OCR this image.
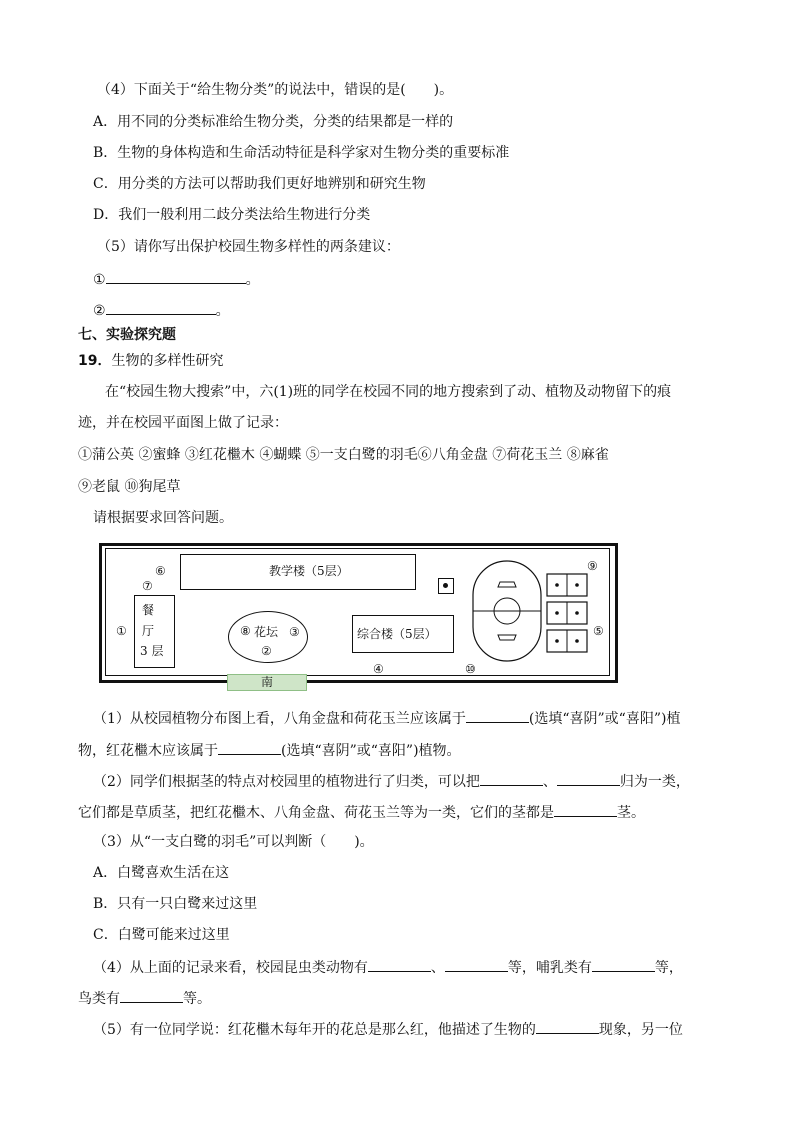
（4）下面关于“给生物分类”的说法中，错误的是(　　)。
A．用不同的分类标准给生物分类，分类的结果都是一样的
B．生物的身体构造和生命活动特征是科学家对生物分类的重要标准
C．用分类的方法可以帮助我们更好地辨别和研究生物
D．我们一般利用二歧分类法给生物进行分类
（5）请你写出保护校园生物多样性的两条建议：
①	。
②	。
七、实验探究题
19．生物的多样性研究
在“校园生物大搜索”中，六(1)班的同学在校园不同的地方搜索到了动、植物及动物留下的痕
迹，并在校园平面图上做了记录：
①蒲公英 ②蜜蜂 ③红花檵木 ④蝴蝶 ⑤一支白鹭的羽毛⑥八角金盘 ⑦荷花玉兰 ⑧麻雀
⑨老鼠 ⑩狗尾草
请根据要求回答问题。
教学楼（5层）
餐
厅
3 层
花坛	综合楼（5层）
⑥
⑦
①	⑧	③
②
④	⑩
⑨
⑤
南
（1）从校园植物分布图上看，八角金盘和荷花玉兰应该属于	(选填“喜阴”或“喜阳”)植
物，红花檵木应该属于	(选填“喜阴”或“喜阳”)植物。
（2）同学们根据茎的特点对校园里的植物进行了归类，可以把	、	归为一类，
它们都是草质茎，把红花檵木、八角金盘、荷花玉兰等为一类，它们的茎都是	茎。
（3）从“一支白鹭的羽毛”可以判断（　　)。
A．白鹭喜欢生活在这
B．只有一只白鹭来过这里
C．白鹭可能来过这里
（4）从上面的记录来看，校园昆虫类动物有	、	等，哺乳类有	等，
鸟类有	等。
（5）有一位同学说：红花檵木每年开的花总是那么红，他描述了生物的	现象，另一位
